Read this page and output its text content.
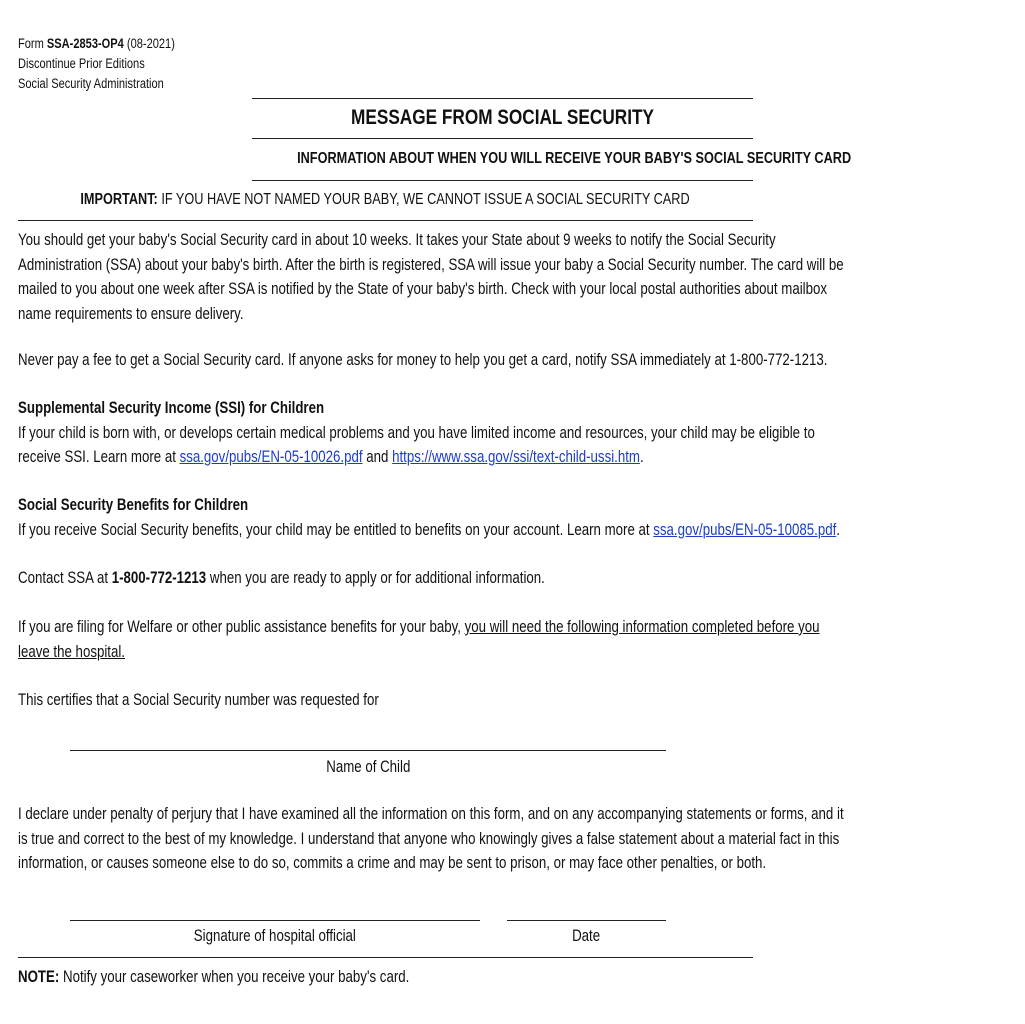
Form SSA-2853-OP4 (08-2021)
Discontinue Prior Editions
Social Security Administration
MESSAGE FROM SOCIAL SECURITY
INFORMATION ABOUT WHEN YOU WILL RECEIVE YOUR BABY'S SOCIAL SECURITY CARD
IMPORTANT: IF YOU HAVE NOT NAMED YOUR BABY, WE CANNOT ISSUE A SOCIAL SECURITY CARD
You should get your baby's Social Security card in about 10 weeks. It takes your State about 9 weeks to notify the Social Security
Administration (SSA) about your baby's birth. After the birth is registered, SSA will issue your baby a Social Security number. The card will be
mailed to you about one week after SSA is notified by the State of your baby's birth. Check with your local postal authorities about mailbox
name requirements to ensure delivery.
Never pay a fee to get a Social Security card. If anyone asks for money to help you get a card, notify SSA immediately at 1-800-772-1213.
Supplemental Security Income (SSI) for Children
If your child is born with, or develops certain medical problems and you have limited income and resources, your child may be eligible to
receive SSI. Learn more at ssa.gov/pubs/EN-05-10026.pdf and https://www.ssa.gov/ssi/text-child-ussi.htm.
Social Security Benefits for Children
If you receive Social Security benefits, your child may be entitled to benefits on your account. Learn more at ssa.gov/pubs/EN-05-10085.pdf.
Contact SSA at 1-800-772-1213 when you are ready to apply or for additional information.
If you are filing for Welfare or other public assistance benefits for your baby, you will need the following information completed before you
leave the hospital.
This certifies that a Social Security number was requested for
Name of Child
I declare under penalty of perjury that I have examined all the information on this form, and on any accompanying statements or forms, and it
is true and correct to the best of my knowledge. I understand that anyone who knowingly gives a false statement about a material fact in this
information, or causes someone else to do so, commits a crime and may be sent to prison, or may face other penalties, or both.
Signature of hospital official	Date
NOTE: Notify your caseworker when you receive your baby's card.
